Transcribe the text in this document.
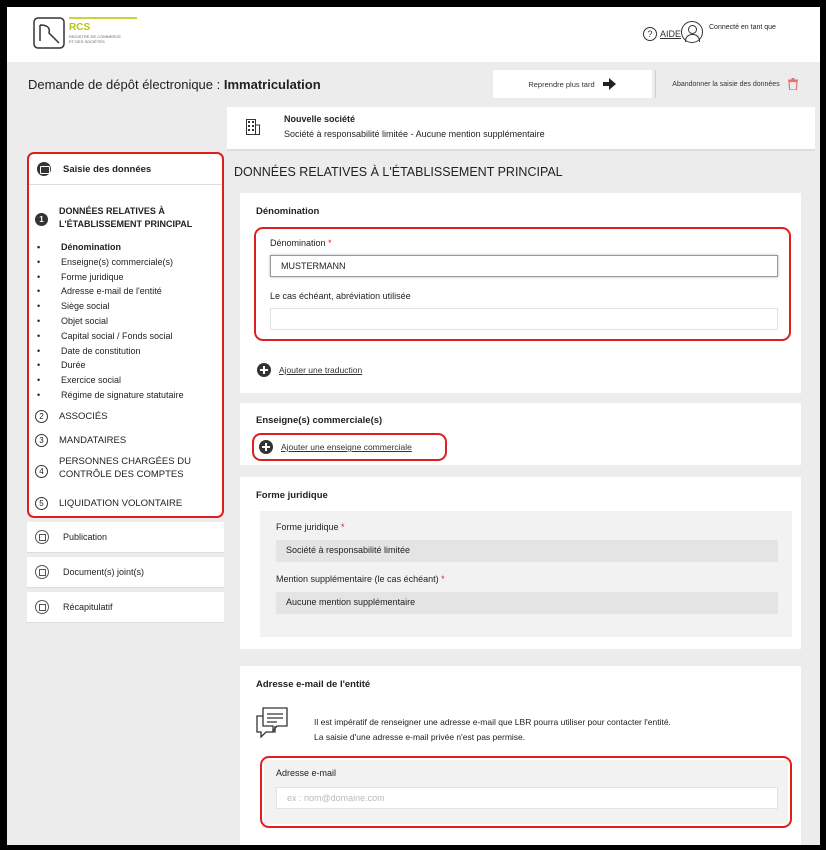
RCS
REGISTRE DE COMMERCE ET DES SOCIÉTÉS
? AIDE
Connecté en tant que
Demande de dépôt électronique : Immatriculation	Reprendre plus tard	Abandonner la saisie des données
Nouvelle société
Société à responsabilité limitée - Aucune mention supplémentaire
Saisie des données
1
DONNÉES RELATIVES À L'ÉTABLISSEMENT PRINCIPAL
•	Dénomination
•	Enseigne(s) commerciale(s)
•	Forme juridique
•	Adresse e-mail de l'entité
•	Siège social
•	Objet social
•	Capital social / Fonds social
•	Date de constitution
•	Durée
•	Exercice social
•	Régime de signature statutaire
2	ASSOCIÉS
3	MANDATAIRES
4
PERSONNES CHARGÉES DU CONTRÔLE DES COMPTES
5	LIQUIDATION VOLONTAIRE
Publication
Document(s) joint(s)
Récapitulatif
DONNÉES RELATIVES À L'ÉTABLISSEMENT PRINCIPAL
Dénomination
Dénomination *
MUSTERMANN
Le cas échéant, abréviation utilisée
Ajouter une traduction
Enseigne(s) commerciale(s)
Ajouter une enseigne commerciale
Forme juridique
Forme juridique *
Société à responsabilité limitée
Mention supplémentaire (le cas échéant) *
Aucune mention supplémentaire
Adresse e-mail de l'entité
Il est impératif de renseigner une adresse e-mail que LBR pourra utiliser pour contacter l'entité.
La saisie d'une adresse e-mail privée n'est pas permise.
Adresse e-mail
ex : nom@domaine.com
